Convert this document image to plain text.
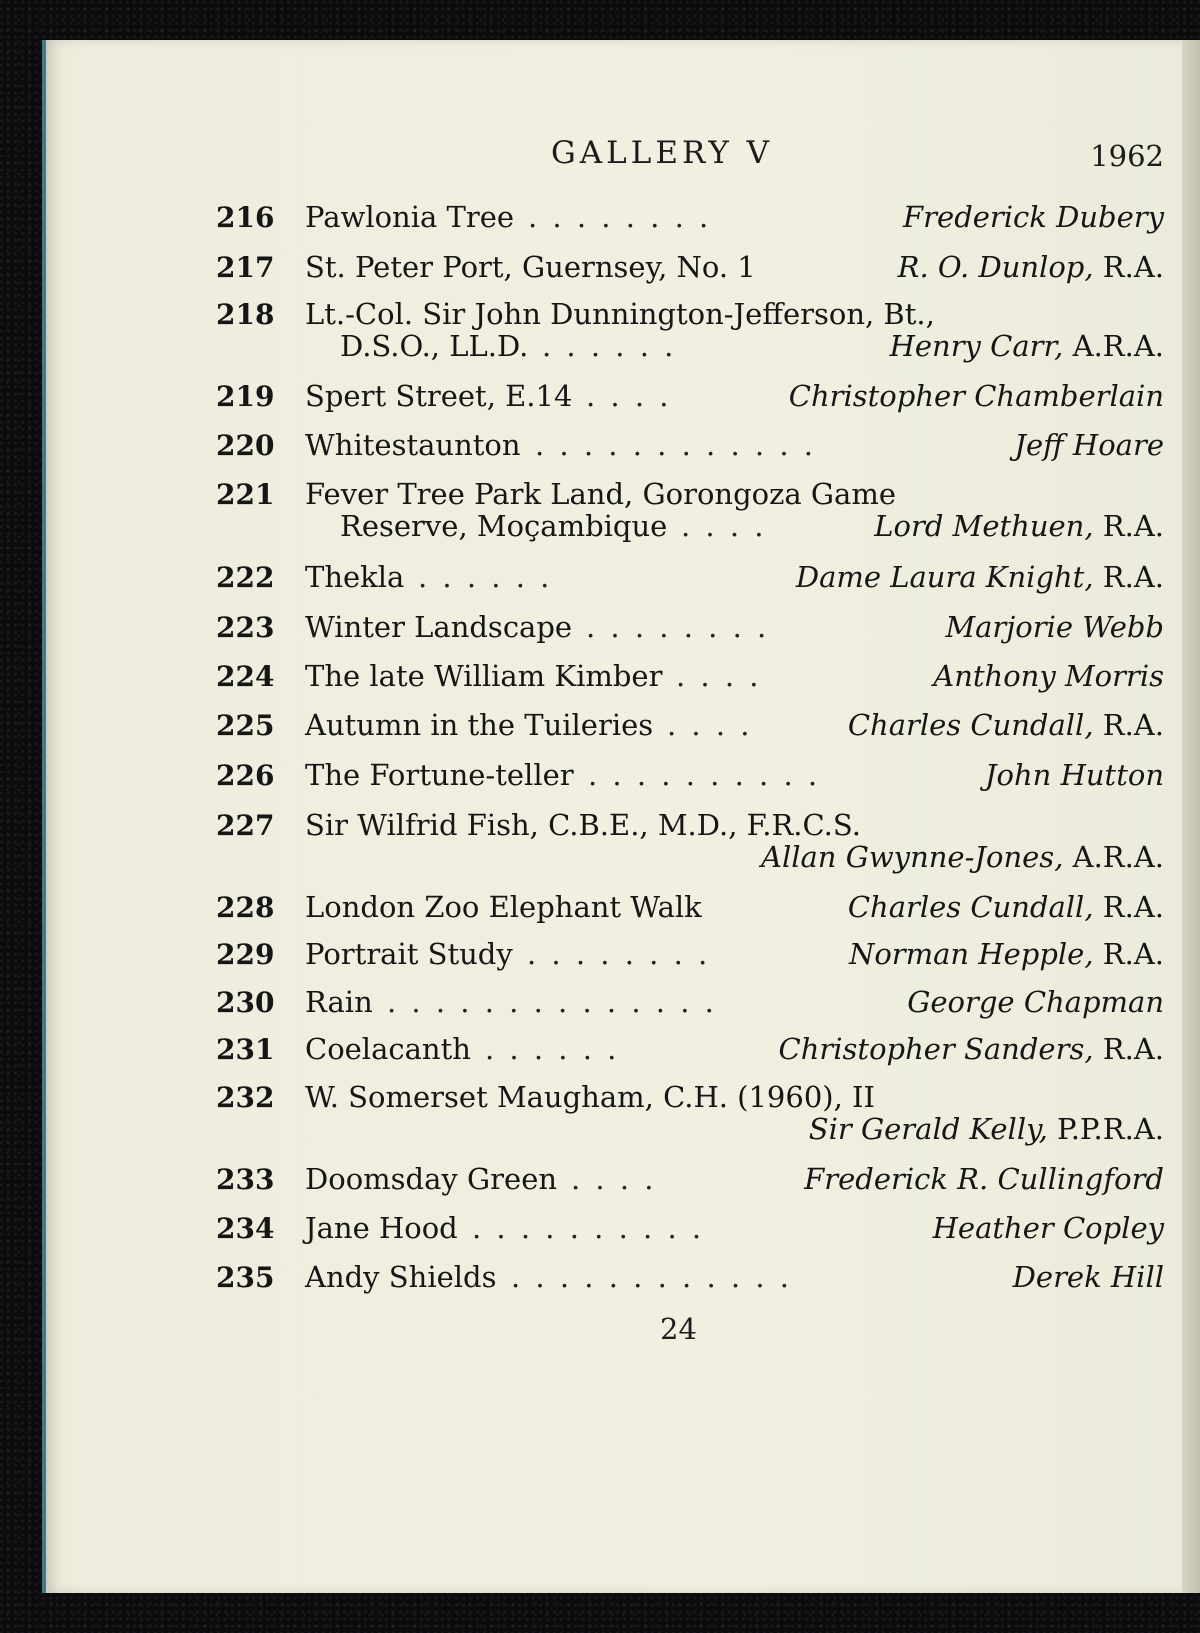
GALLERY V	1962
216	Pawlonia Tree . . . . . . . .	Frederick Dubery
217	St. Peter Port, Guernsey, No. 1	R. O. Dunlop, R.A.
218	Lt.-Col. Sir John Dunnington-Jefferson, Bt.,
D.S.O., LL.D. . . . . . .	Henry Carr, A.R.A.
219	Spert Street, E.14 . . . .	Christopher Chamberlain
220	Whitestaunton . . . . . . . . . . . .	Jeff Hoare
221	Fever Tree Park Land, Gorongoza Game
Reserve, Moçambique . . . .	Lord Methuen, R.A.
222	Thekla . . . . . .	Dame Laura Knight, R.A.
223	Winter Landscape . . . . . . . .	Marjorie Webb
224	The late William Kimber . . . .	Anthony Morris
225	Autumn in the Tuileries . . . .	Charles Cundall, R.A.
226	The Fortune-teller . . . . . . . . . .	John Hutton
227	Sir Wilfrid Fish, C.B.E., M.D., F.R.C.S.
Allan Gwynne-Jones, A.R.A.
228	London Zoo Elephant Walk	Charles Cundall, R.A.
229	Portrait Study . . . . . . . .	Norman Hepple, R.A.
230	Rain . . . . . . . . . . . . . .	George Chapman
231	Coelacanth . . . . . .	Christopher Sanders, R.A.
232	W. Somerset Maugham, C.H. (1960), II
Sir Gerald Kelly, P.P.R.A.
233	Doomsday Green . . . .	Frederick R. Cullingford
234	Jane Hood . . . . . . . . . .	Heather Copley
235	Andy Shields . . . . . . . . . . . .	Derek Hill
24
